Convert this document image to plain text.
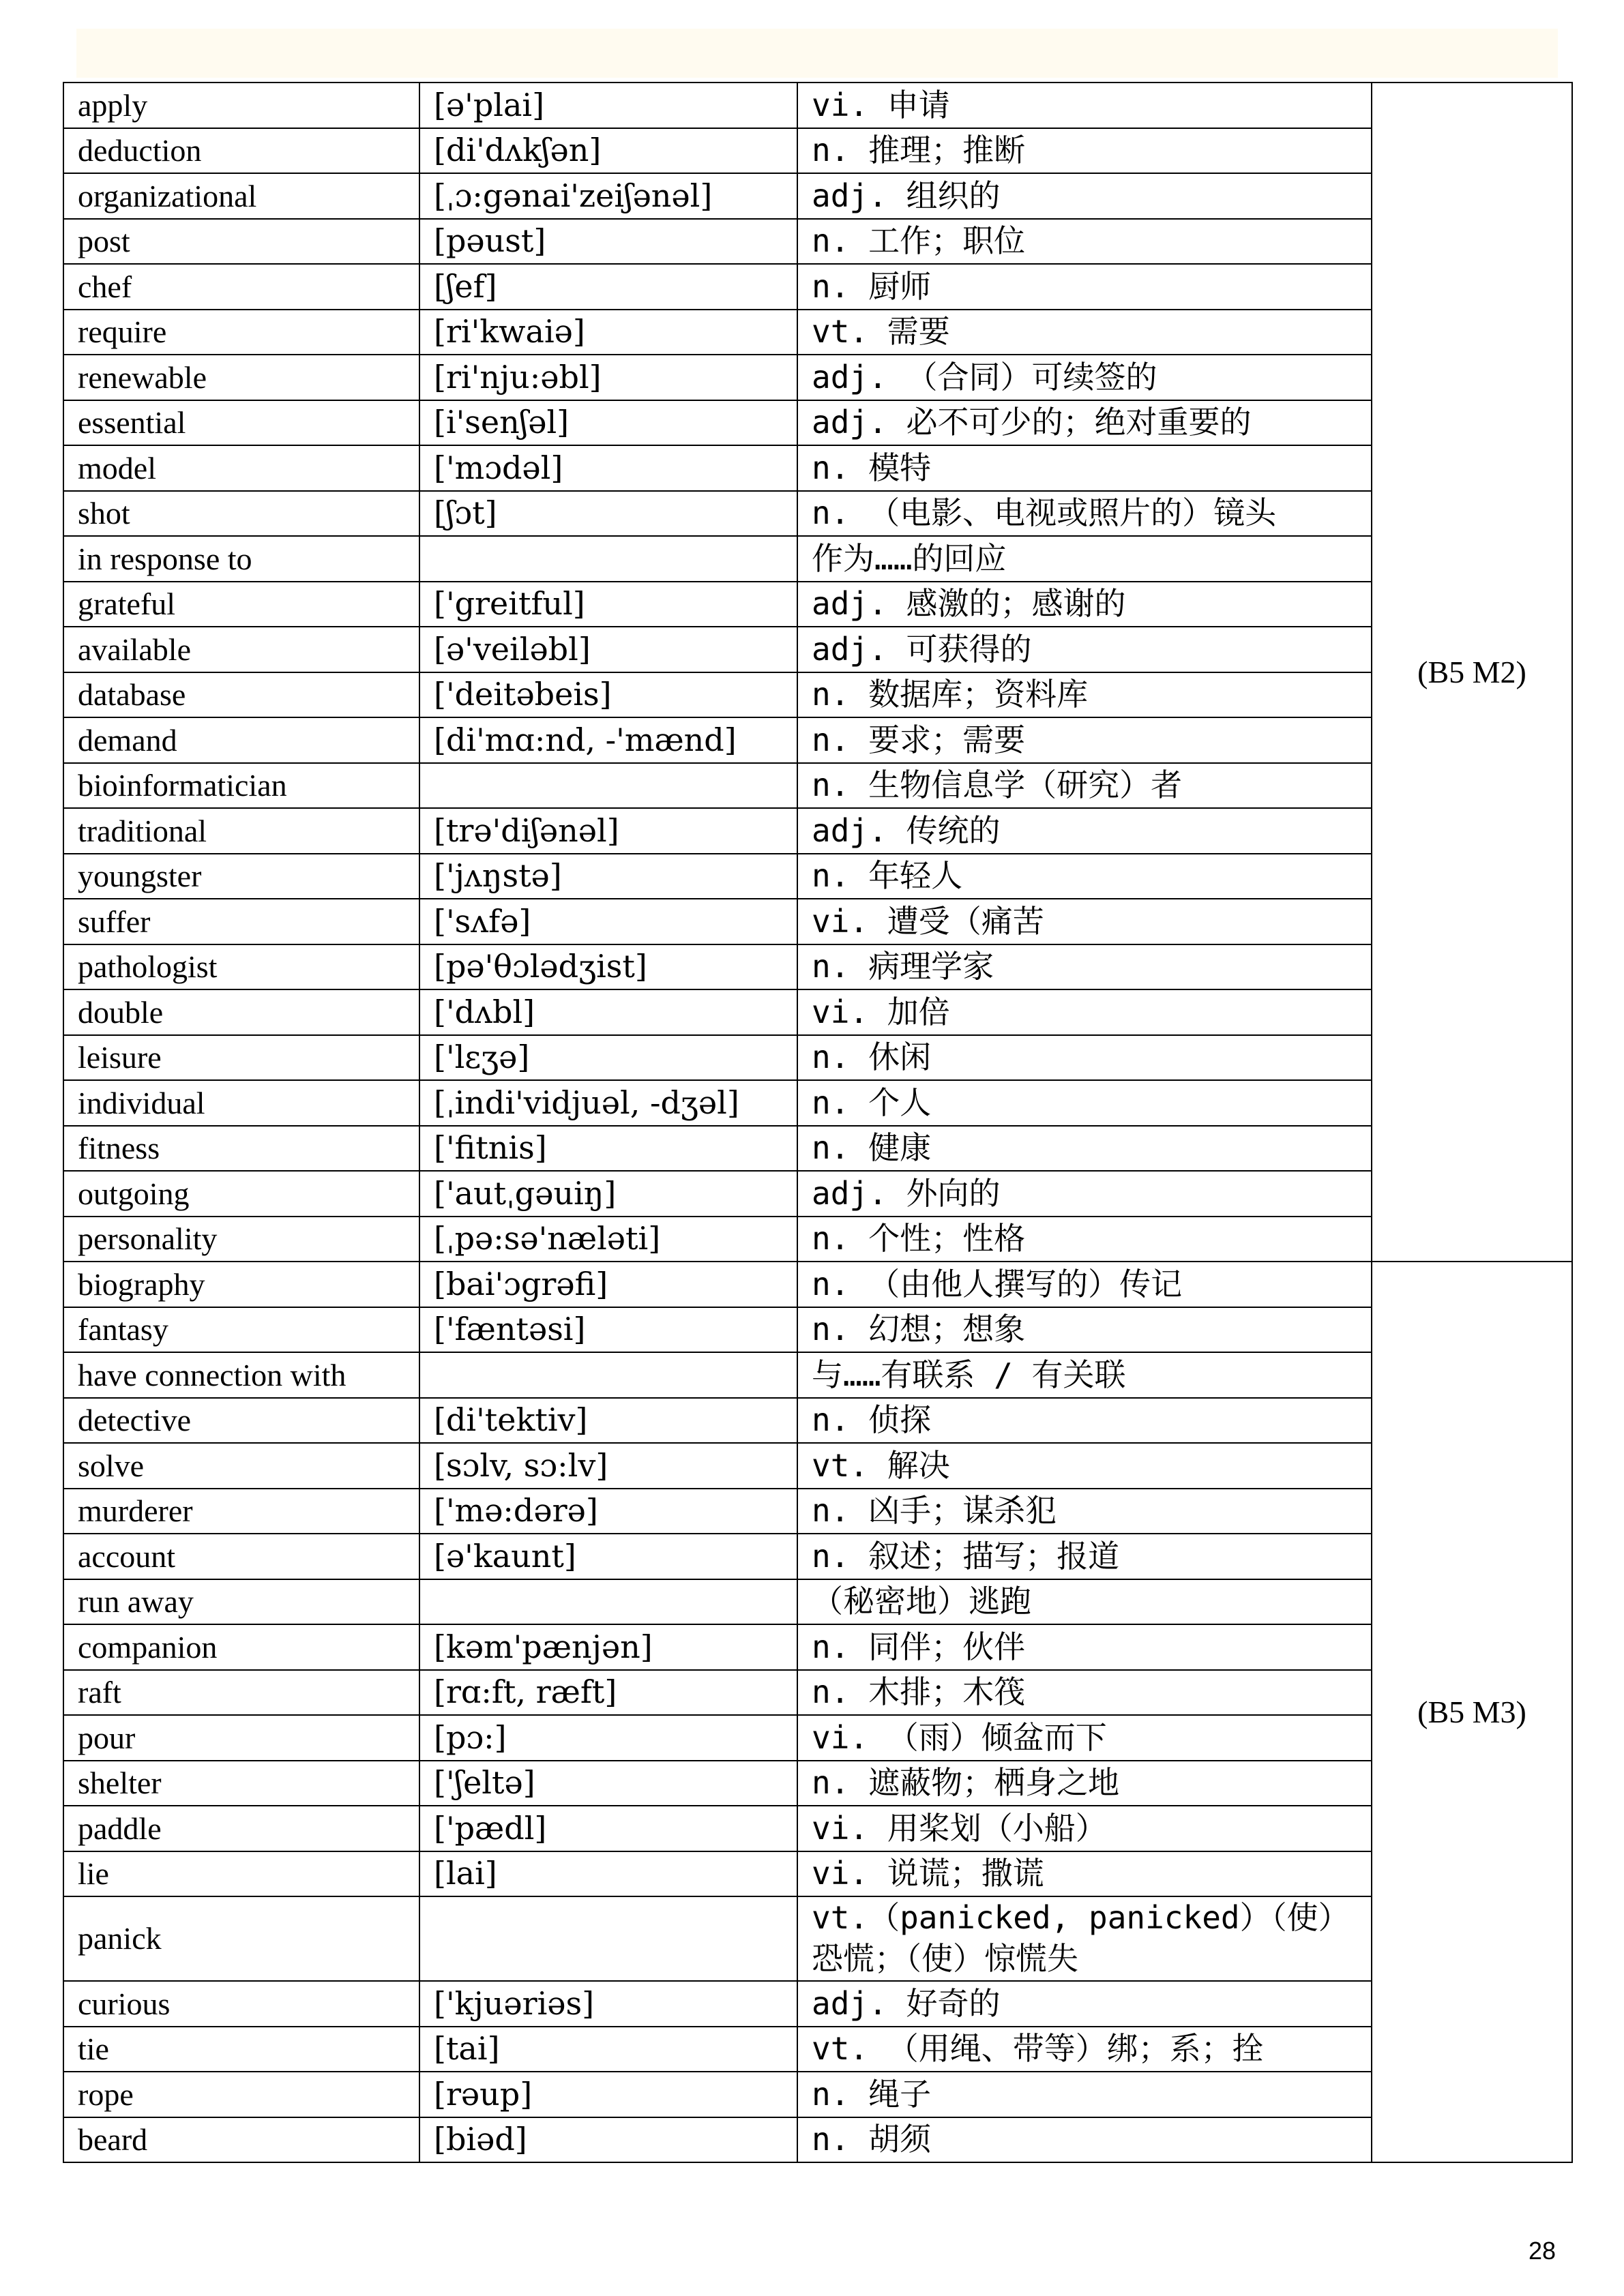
apply	[ə'plai]	vi. 申请	(B5 M2)
deduction	[di'dʌkʃən]	n. 推理；推断	
organizational	[ˌɔ:gənai'zeiʃənəl]	adj. 组织的	
post	[pəust]	n. 工作；职位	
chef	[ʃef]	n. 厨师	
require	[ri'kwaiə]	vt. 需要	
renewable	[ri'nju:əbl]	adj. （合同）可续签的	
essential	[i'senʃəl]	adj. 必不可少的；绝对重要的	
model	['mɔdəl]	n. 模特	
shot	[ʃɔt]	n. （电影、电视或照片的）镜头	
in response to		作为……的回应	
grateful	['greitful]	adj. 感激的；感谢的	
available	[ə'veiləbl]	adj. 可获得的	
database	['deitəbeis]	n. 数据库；资料库	
demand	[di'mɑ:nd, -'mænd]	n. 要求；需要	
bioinformatician		n. 生物信息学（研究）者	
traditional	[trə'diʃənəl]	adj. 传统的	
youngster	['jʌŋstə]	n. 年轻人	
suffer	['sʌfə]	vi. 遭受（痛苦	
pathologist	[pə'θɔlədʒist]	n. 病理学家	
double	['dʌbl]	vi. 加倍	
leisure	['lɛʒə]	n. 休闲	
individual	[ˌindi'vidjuəl, -dʒəl]	n. 个人	
fitness	['fitnis]	n. 健康	
outgoing	['autˌgəuiŋ]	adj. 外向的	
personality	[ˌpə:sə'næləti]	n. 个性；性格	
biography	[bai'ɔgrəfi]	n. （由他人撰写的）传记	(B5 M3)
fantasy	['fæntəsi]	n. 幻想；想象	
have connection with		与……有联系 / 有关联	
detective	[di'tektiv]	n. 侦探	
solve	[sɔlv, sɔ:lv]	vt. 解决	
murderer	['mə:dərə]	n. 凶手；谋杀犯	
account	[ə'kaunt]	n. 叙述；描写；报道	
run away		（秘密地）逃跑	
companion	[kəm'pænjən]	n. 同伴；伙伴	
raft	[rɑ:ft, ræft]	n. 木排；木筏	
pour	[pɔ:]	vi. （雨）倾盆而下	
shelter	['ʃeltə]	n. 遮蔽物；栖身之地	
paddle	['pædl]	vi. 用桨划（小船）	
lie	[lai]	vi. 说谎；撒谎	
panick		vt.（panicked, panicked）（使）恐慌；（使）惊慌失	
curious	['kjuəriəs]	adj. 好奇的	
tie	[tai]	vt. （用绳、带等）绑；系；拴	
rope	[rəup]	n. 绳子	
beard	[biəd]	n. 胡须	
28
